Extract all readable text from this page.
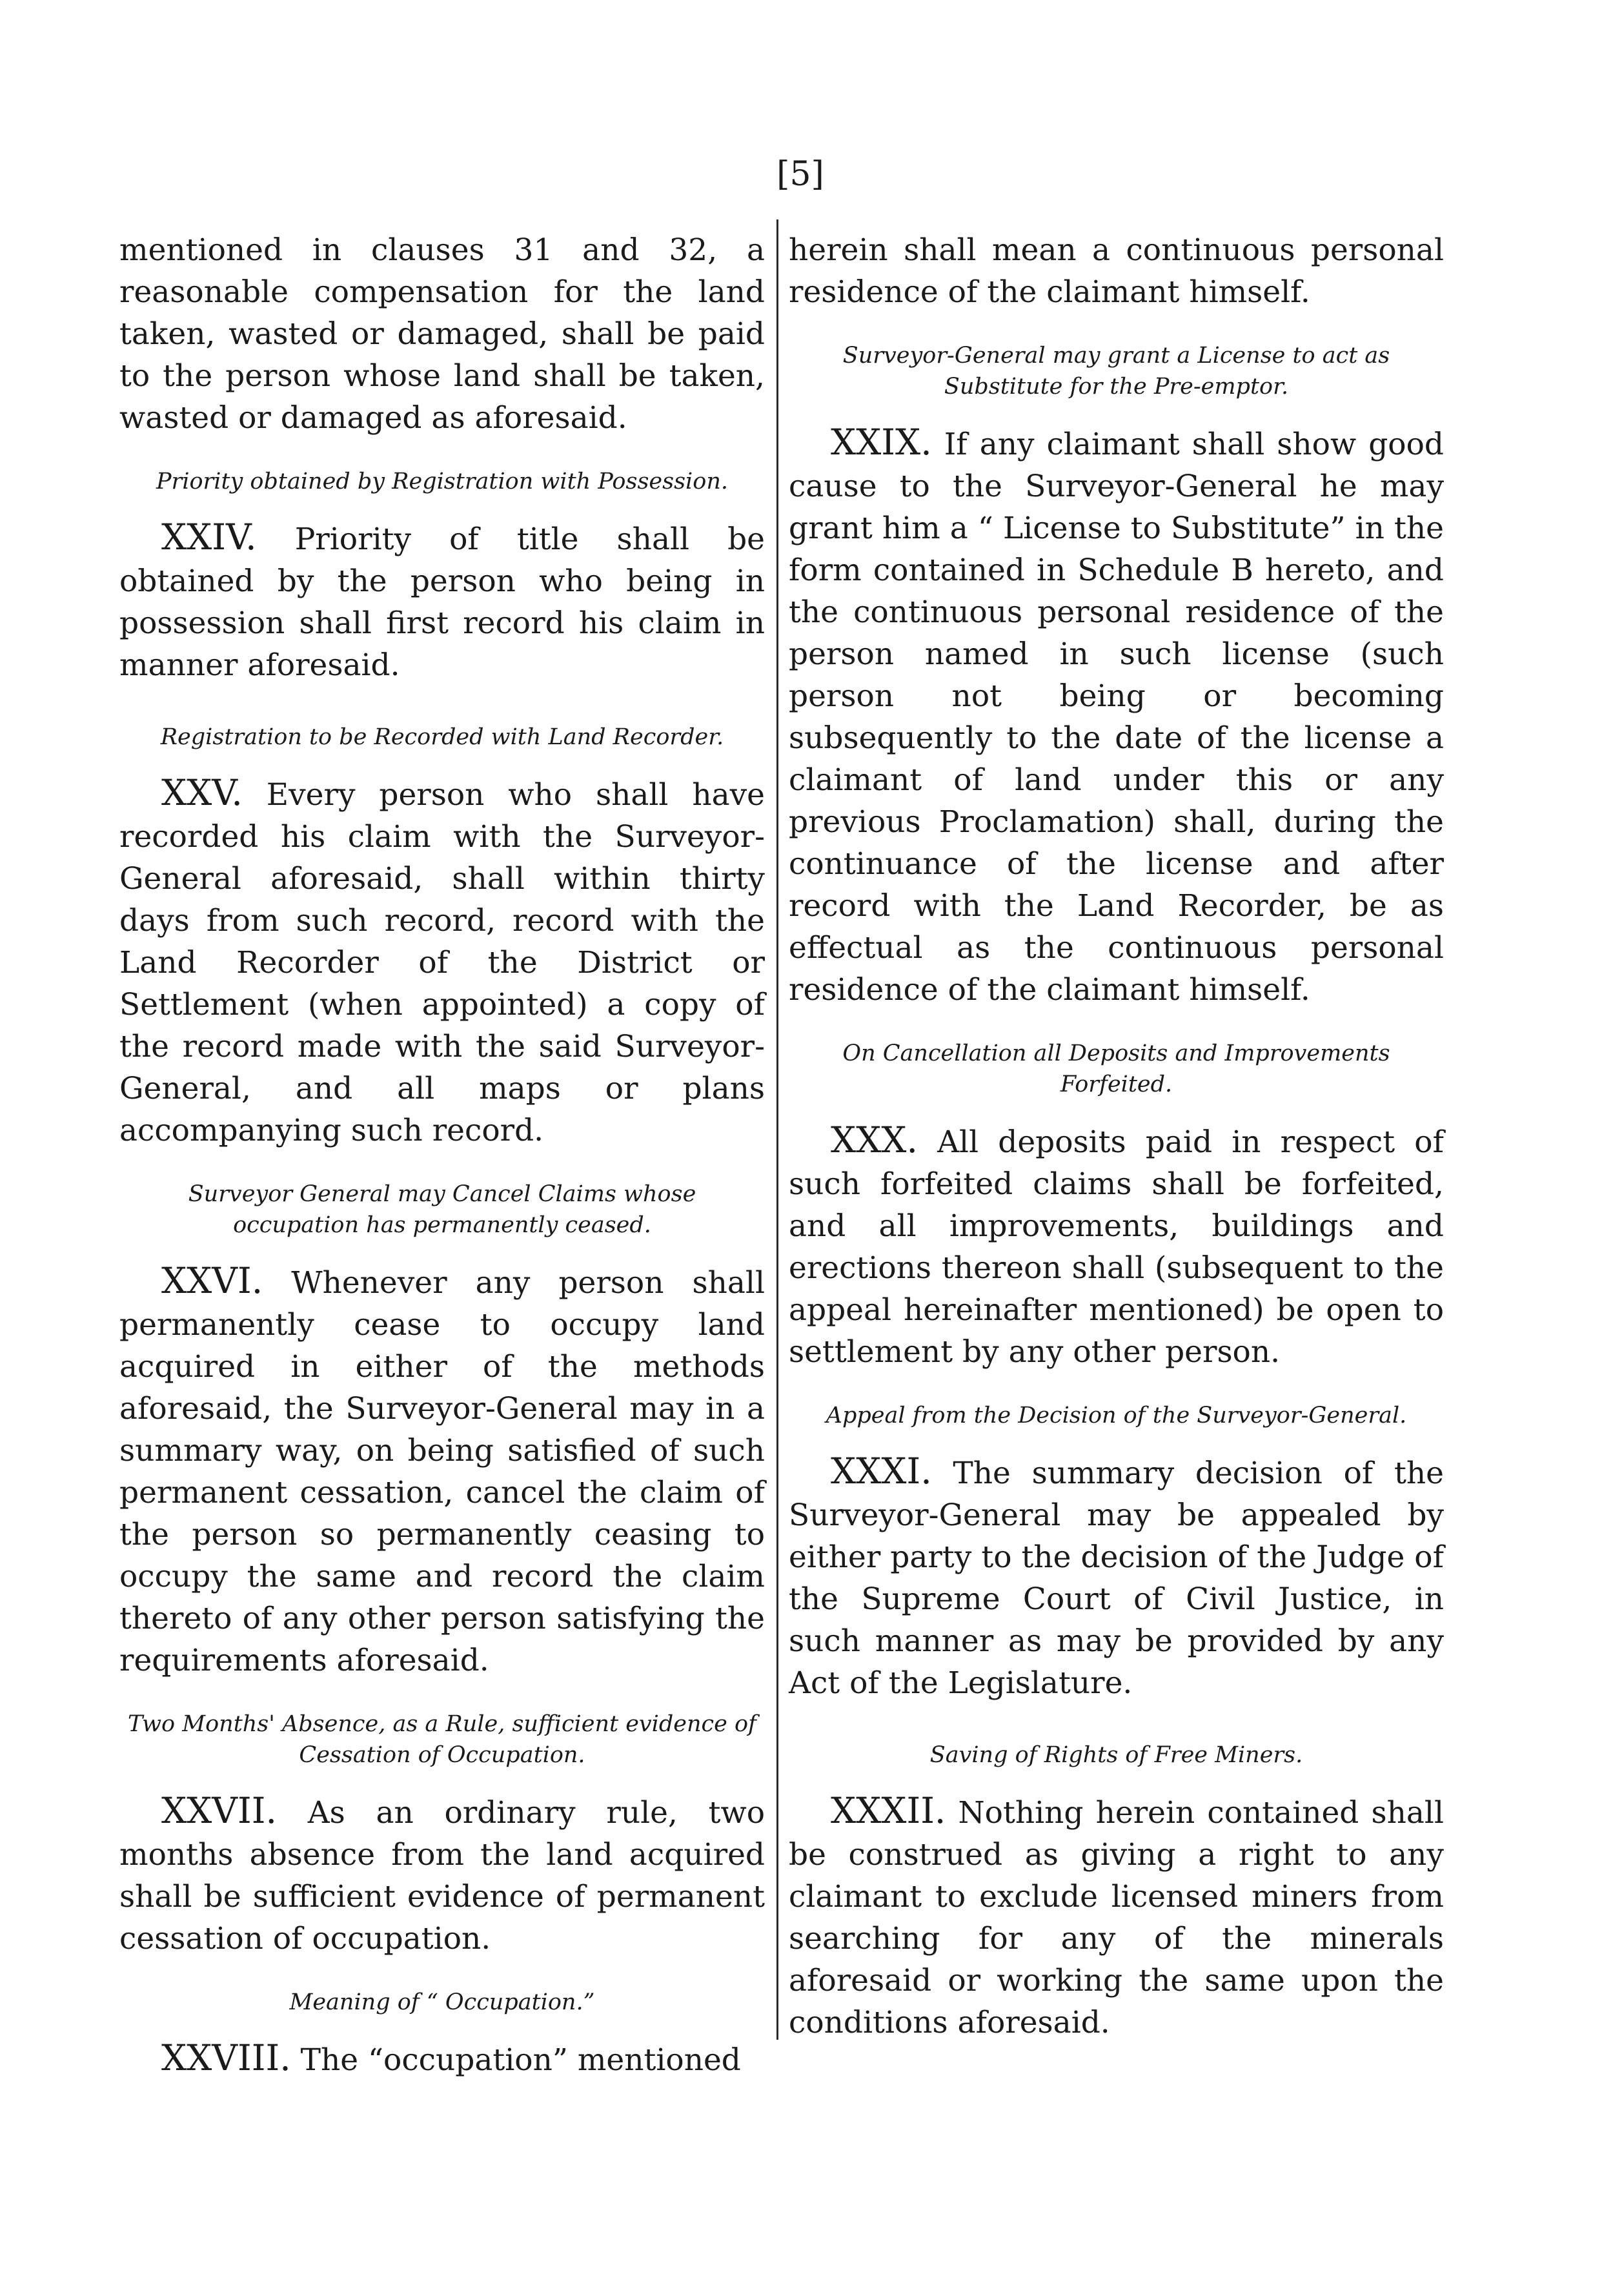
[5]

mentioned in clauses 31 and 32, a reasonable compensation for the land taken, wasted or damaged, shall be paid to the person whose land shall be taken, wasted or damaged as aforesaid.

Priority obtained by Registration with Possession.

XXIV. Priority of title shall be obtained by the person who being in possession shall first record his claim in manner aforesaid.

Registration to be Recorded with Land Recorder.

XXV. Every person who shall have recorded his claim with the Surveyor-General aforesaid, shall within thirty days from such record, record with the Land Recorder of the District or Settlement (when appointed) a copy of the record made with the said Surveyor-General, and all maps or plans accompanying such record.

Surveyor General may Cancel Claims whose occupation has permanently ceased.

XXVI. Whenever any person shall permanently cease to occupy land acquired in either of the methods aforesaid, the Surveyor-General may in a summary way, on being satisfied of such permanent cessation, cancel the claim of the person so permanently ceasing to occupy the same and record the claim thereto of any other person satisfying the requirements aforesaid.

Two Months' Absence, as a Rule, sufficient evidence of Cessation of Occupation.

XXVII. As an ordinary rule, two months absence from the land acquired shall be sufficient evidence of permanent cessation of occupation.

Meaning of “ Occupation.”

XXVIII. The “occupation” mentioned

herein shall mean a continuous personal residence of the claimant himself.

Surveyor-General may grant a License to act as Substitute for the Pre-emptor.

XXIX. If any claimant shall show good cause to the Surveyor-General he may grant him a “ License to Substitute” in the form contained in Schedule B hereto, and the continuous personal residence of the person named in such license (such person not being or becoming subsequently to the date of the license a claimant of land under this or any previous Proclamation) shall, during the continuance of the license and after record with the Land Recorder, be as effectual as the continuous personal residence of the claimant himself.

On Cancellation all Deposits and Improvements Forfeited.

XXX. All deposits paid in respect of such forfeited claims shall be forfeited, and all improvements, buildings and erections thereon shall (subsequent to the appeal hereinafter mentioned) be open to settlement by any other person.

Appeal from the Decision of the Surveyor-General.

XXXI. The summary decision of the Surveyor-General may be appealed by either party to the decision of the Judge of the Supreme Court of Civil Justice, in such manner as may be provided by any Act of the Legislature.

Saving of Rights of Free Miners.

XXXII. Nothing herein contained shall be construed as giving a right to any claimant to exclude licensed miners from searching for any of the minerals aforesaid or working the same upon the conditions aforesaid.
